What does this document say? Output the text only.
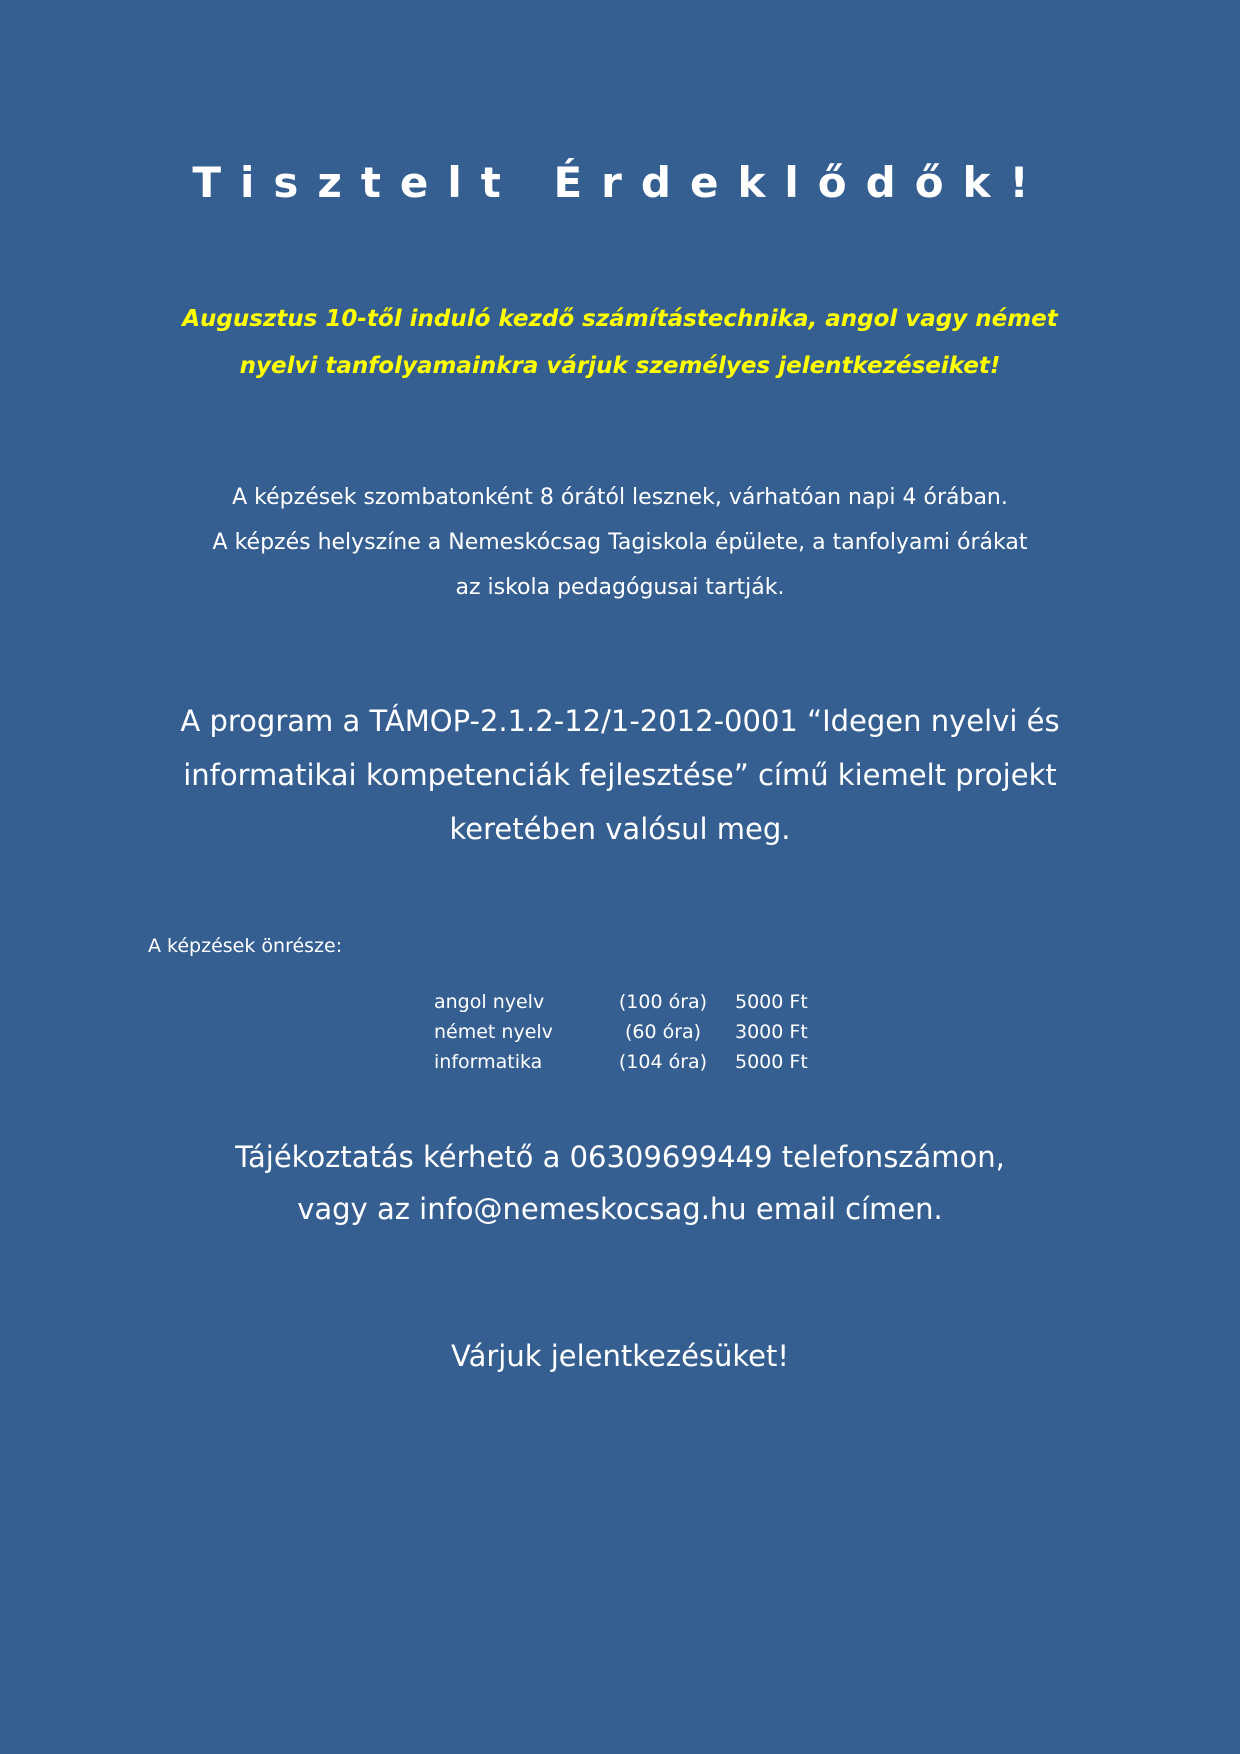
Tisztelt Érdeklődők!
Augusztus 10-től induló kezdő számítástechnika, angol vagy német
nyelvi tanfolyamainkra várjuk személyes jelentkezéseiket!
A képzések szombatonként 8 órától lesznek, várhatóan napi 4 órában.
A képzés helyszíne a Nemeskócsag Tagiskola épülete, a tanfolyami órákat
az iskola pedagógusai tartják.
A program a TÁMOP-2.1.2-12/1-2012-0001 “Idegen nyelvi és
informatikai kompetenciák fejlesztése” című kiemelt projekt
keretében valósul meg.
A képzések önrésze:
angol nyelv	(100 óra)	5000 Ft
német nyelv	(60 óra)	3000 Ft
informatika	(104 óra)	5000 Ft
Tájékoztatás kérhető a 06309699449 telefonszámon,
vagy az info@nemeskocsag.hu email címen.
Várjuk jelentkezésüket!
